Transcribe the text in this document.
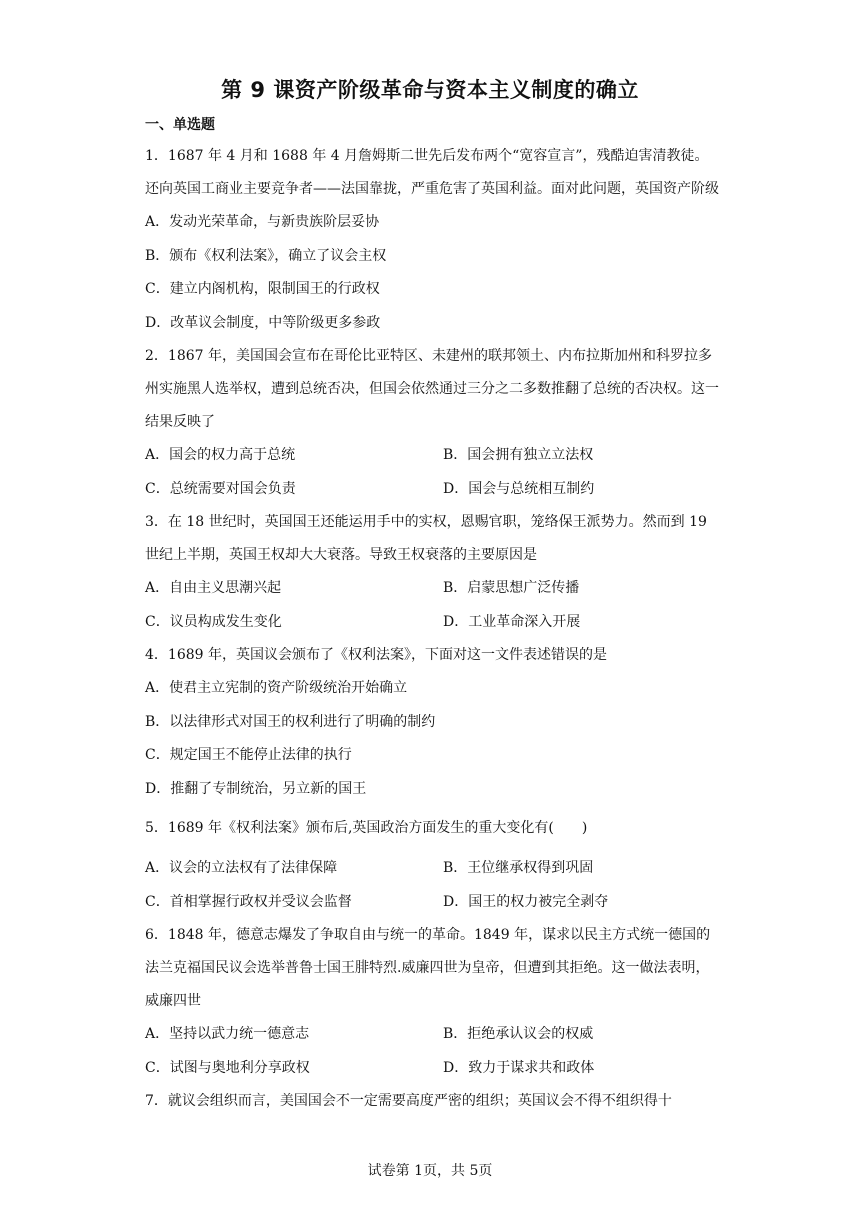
第 9 课资产阶级革命与资本主义制度的确立
一、单选题

1．1687 年 4 月和 1688 年 4 月詹姆斯二世先后发布两个“宽容宣言”，残酷迫害清教徒。还向英国工商业主要竞争者——法国靠拢，严重危害了英国利益。面对此问题，英国资产阶级

A．发动光荣革命，与新贵族阶层妥协
B．颁布《权利法案》，确立了议会主权
C．建立内阁机构，限制国王的行政权
D．改革议会制度，中等阶级更多参政

2．1867 年，美国国会宣布在哥伦比亚特区、未建州的联邦领土、内布拉斯加州和科罗拉多州实施黑人选举权，遭到总统否决，但国会依然通过三分之二多数推翻了总统的否决权。这一结果反映了

A．国会的权力高于总统	B．国会拥有独立立法权
C．总统需要对国会负责	D．国会与总统相互制约

3．在 18 世纪时，英国国王还能运用手中的实权，恩赐官职，笼络保王派势力。然而到 19 世纪上半期，英国王权却大大衰落。导致王权衰落的主要原因是

A．自由主义思潮兴起	B．启蒙思想广泛传播
C．议员构成发生变化	D．工业革命深入开展

4．1689 年，英国议会颁布了《权利法案》，下面对这一文件表述错误的是

A．使君主立宪制的资产阶级统治开始确立
B．以法律形式对国王的权利进行了明确的制约
C．规定国王不能停止法律的执行
D．推翻了专制统治，另立新的国王

5．1689 年《权利法案》颁布后,英国政治方面发生的重大变化有(　　)

A．议会的立法权有了法律保障	B．王位继承权得到巩固
C．首相掌握行政权并受议会监督	D．国王的权力被完全剥夺

6．1848 年，德意志爆发了争取自由与统一的革命。1849 年，谋求以民主方式统一德国的法兰克福国民议会选举普鲁士国王腓特烈.威廉四世为皇帝，但遭到其拒绝。这一做法表明，威廉四世

A．坚持以武力统一德意志	B．拒绝承认议会的权威
C．试图与奥地利分享政权	D．致力于谋求共和政体

7．就议会组织而言，美国国会不一定需要高度严密的组织；英国议会不得不组织得十

试卷第 1页，共 5页
